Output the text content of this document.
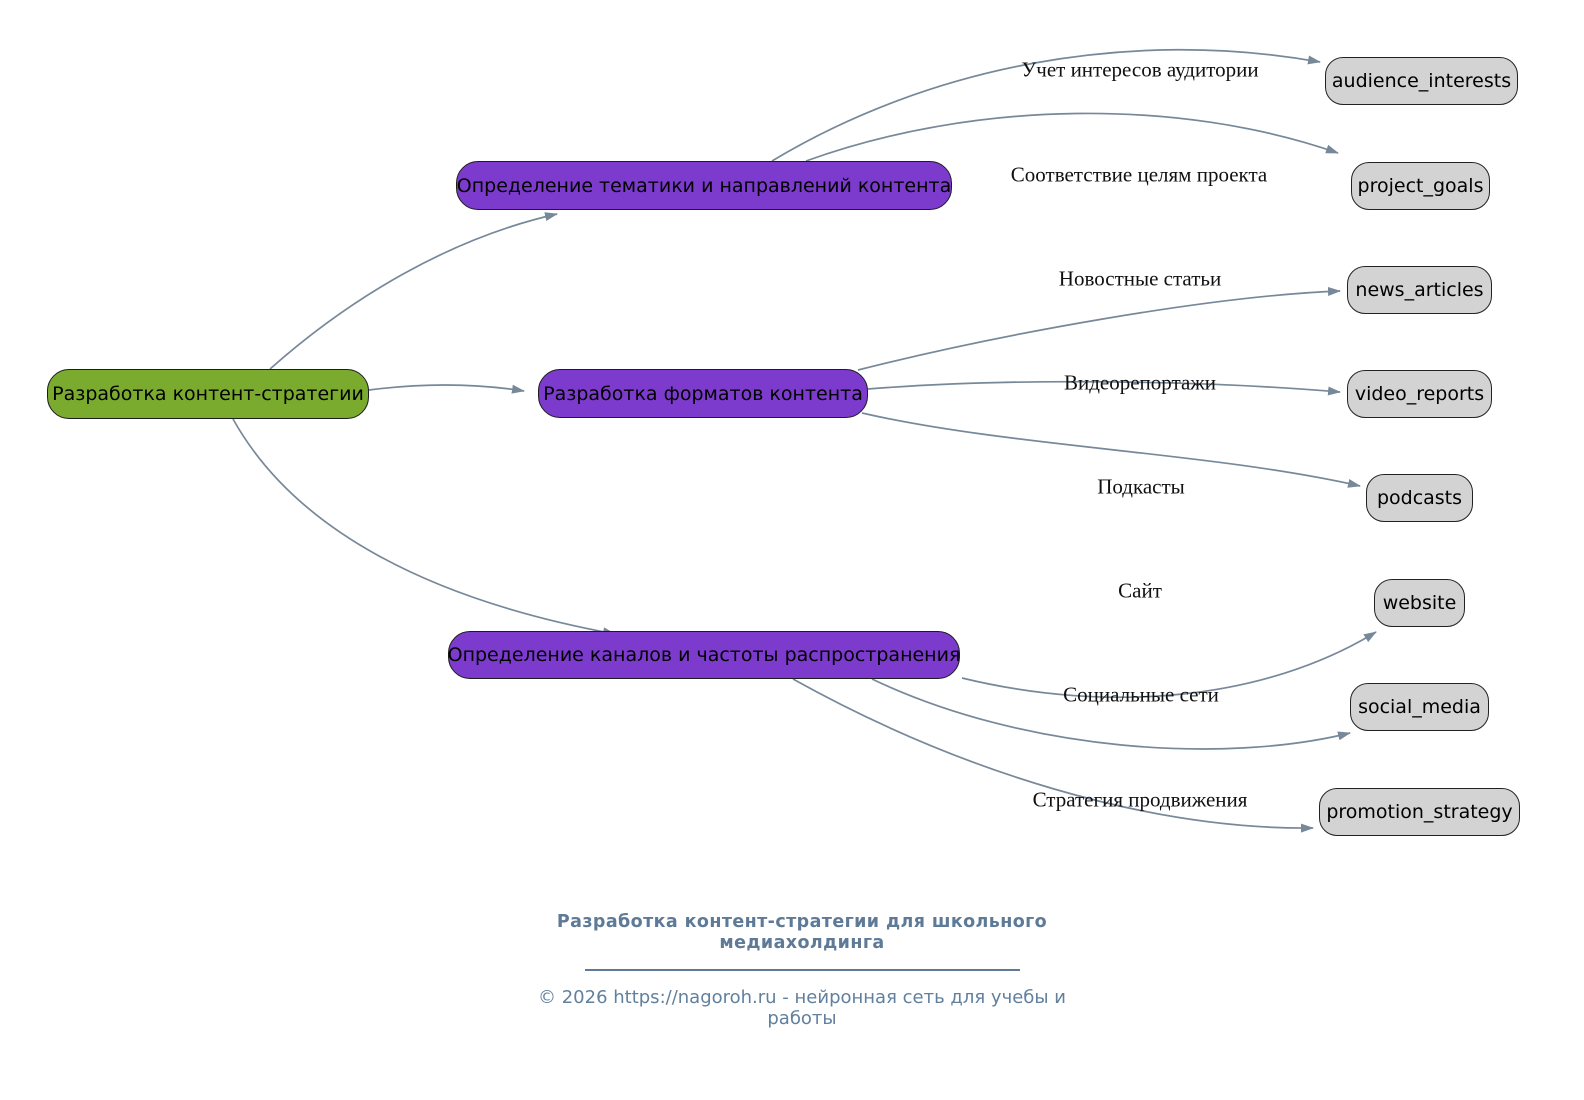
Разработка контент-стратегии
Определение тематики и направлений контента
Разработка форматов контента
Определение каналов и частоты распространения
audience_interests
project_goals
news_articles
video_reports
podcasts
website
social_media
promotion_strategy
Учет интересов аудитории
Соответствие целям проекта
Новостные статьи
Видеорепортажи
Подкасты
Сайт
Социальные сети
Стратегия продвижения
Разработка контент-стратегии для школьного медиахолдинга
© 2026 https://nagoroh.ru - нейронная сеть для учебы и работы
